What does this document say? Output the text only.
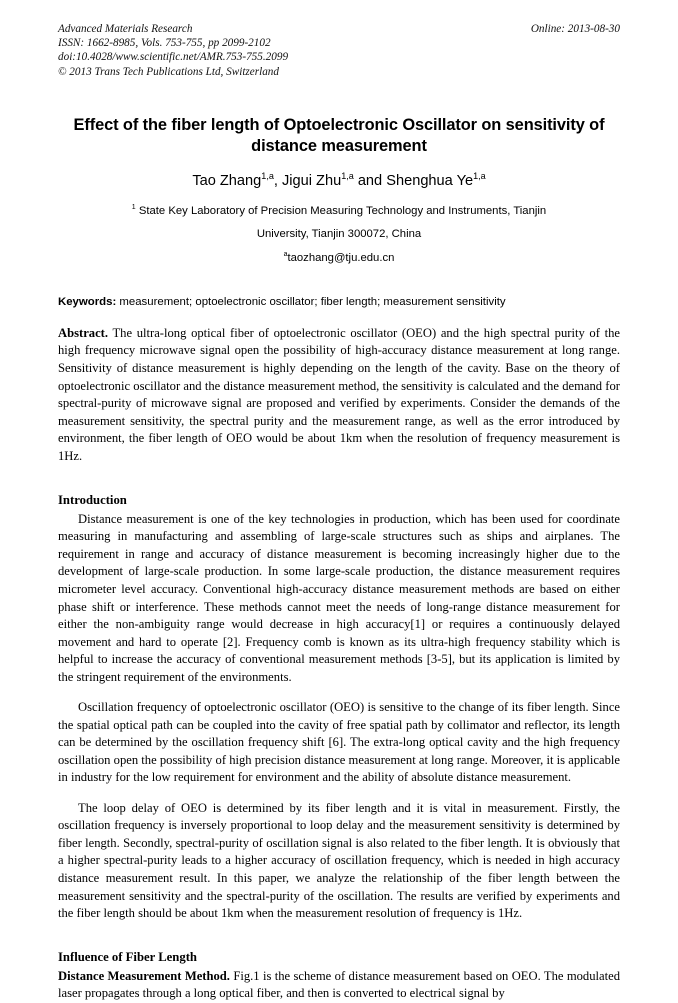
Advanced Materials Research
ISSN: 1662-8985, Vols. 753-755, pp 2099-2102
doi:10.4028/www.scientific.net/AMR.753-755.2099
© 2013 Trans Tech Publications Ltd, Switzerland
Online: 2013-08-30
Effect of the fiber length of Optoelectronic Oscillator on sensitivity of distance measurement
Tao Zhang$^{1,a}$, Jigui Zhu$^{1,a}$ and Shenghua Ye$^{1,a}$
$^1$ State Key Laboratory of Precision Measuring Technology and Instruments, Tianjin
University, Tianjin 300072, China
$^a$taozhang@tju.edu.cn
Keywords: measurement; optoelectronic oscillator; fiber length; measurement sensitivity
Abstract. The ultra-long optical fiber of optoelectronic oscillator (OEO) and the high spectral purity of the high frequency microwave signal open the possibility of high-accuracy distance measurement at long range. Sensitivity of distance measurement is highly depending on the length of the cavity. Base on the theory of optoelectronic oscillator and the distance measurement method, the sensitivity is calculated and the demand for spectral-purity of microwave signal are proposed and verified by experiments. Consider the demands of the measurement sensitivity, the spectral purity and the measurement range, as well as the error introduced by environment, the fiber length of OEO would be about 1km when the resolution of frequency measurement is 1Hz.
Introduction

Distance measurement is one of the key technologies in production, which has been used for coordinate measuring in manufacturing and assembling of large-scale structures such as ships and airplanes. The requirement in range and accuracy of distance measurement is becoming increasingly higher due to the development of large-scale production. In some large-scale production, the distance measurement requires micrometer level accuracy. Conventional high-accuracy distance measurement methods are based on either phase shift or interference. These methods cannot meet the needs of long-range distance measurement for either the non-ambiguity range would decrease in high accuracy[1] or requires a continuously delayed movement and hard to operate [2]. Frequency comb is known as its ultra-high frequency stability which is helpful to increase the accuracy of conventional measurement methods [3-5], but its application is limited by the stringent requirement of the environments.

Oscillation frequency of optoelectronic oscillator (OEO) is sensitive to the change of its fiber length. Since the spatial optical path can be coupled into the cavity of free spatial path by collimator and reflector, its length can be determined by the oscillation frequency shift [6]. The extra-long optical cavity and the high frequency oscillation open the possibility of high precision distance measurement at long range. Moreover, it is applicable in industry for the low requirement for environment and the ability of absolute distance measurement.

The loop delay of OEO is determined by its fiber length and it is vital in measurement. Firstly, the oscillation frequency is inversely proportional to loop delay and the measurement sensitivity is determined by fiber length. Secondly, spectral-purity of oscillation signal is also related to the fiber length. It is obviously that a higher spectral-purity leads to a higher accuracy of oscillation frequency, which is needed in high accuracy distance measurement result. In this paper, we analyze the relationship of the fiber length between the measurement sensitivity and the spectral-purity of the oscillation. The results are verified by experiments and the fiber length should be about 1km when the measurement resolution of frequency is 1Hz.

Influence of Fiber Length

Distance Measurement Method. Fig.1 is the scheme of distance measurement based on OEO. The modulated laser propagates through a long optical fiber, and then is converted to electrical signal by
